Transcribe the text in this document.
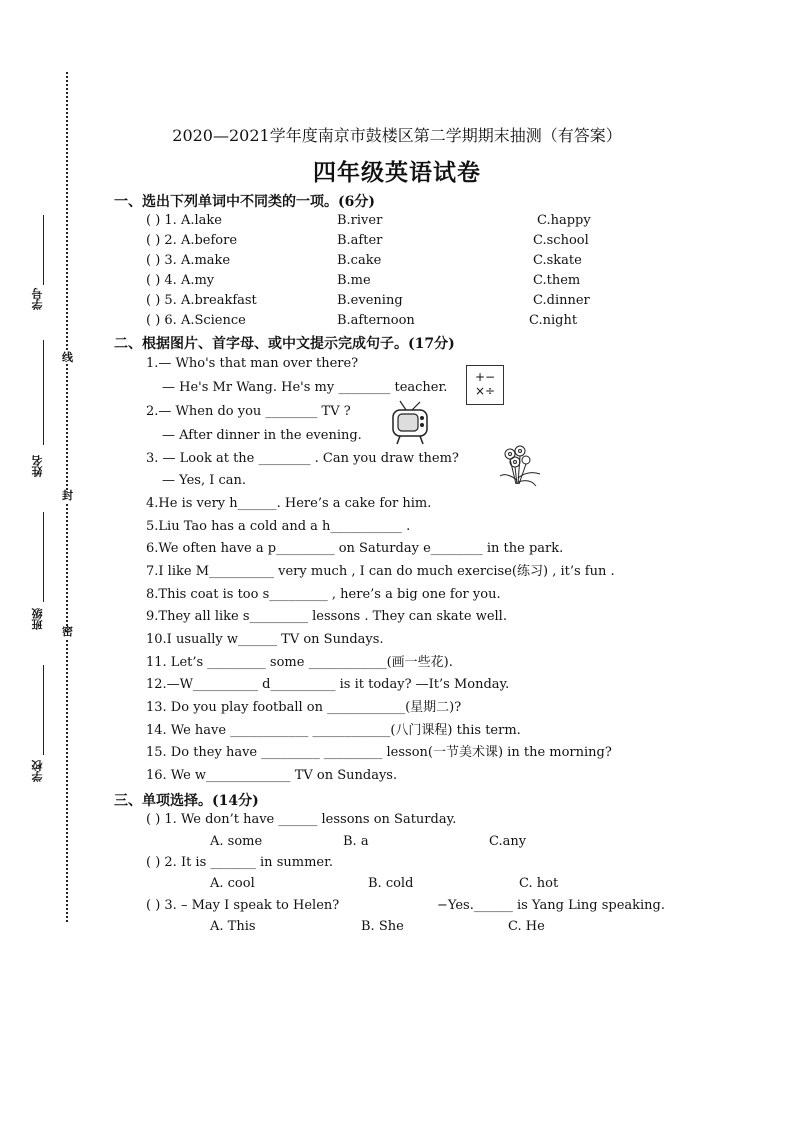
线
封
密
学号
姓名
班级
学校
2020—2021学年度南京市鼓楼区第二学期期末抽测（有答案）
四年级英语试卷
一、选出下列单词中不同类的一项。(6分)
( ) 1. A.lake	B.river	C.happy
( ) 2. A.before	B.after	C.school
( ) 3. A.make	B.cake	C.skate
( ) 4. A.my	B.me	C.them
( ) 5. A.breakfast	B.evening	C.dinner
( ) 6. A.Science	B.afternoon	C.night
二、根据图片、首字母、或中文提示完成句子。(17分)
1.— Who's that man over there?
— He's Mr Wang. He's my ________ teacher.
+−
×÷
2.— When do you ________ TV ?
— After dinner in the evening.
3. — Look at the ________ . Can you draw them?
— Yes, I can.
4.He is very h______. Here’s a cake for him.
5.Liu Tao has a cold and a h___________ .
6.We often have a p_________ on Saturday e________ in the park.
7.I like M__________ very much , I can do much exercise(练习) , it’s fun .
8.This coat is too s_________ , here’s a big one for you.
9.They all like s_________ lessons . They can skate well.
10.I usually w______ TV on Sundays.
11. Let’s _________ some ____________(画一些花).
12.—W__________ d__________ is it today? —It’s Monday.
13. Do you play football on ____________(星期二)?
14. We have ____________ ____________(八门课程) this term.
15. Do they have _________ _________ lesson(一节美术课) in the morning?
16. We w_____________ TV on Sundays.
三、单项选择。(14分)
( ) 1. We don’t have ______ lessons on Saturday.
A. some	B. a	C.any
( ) 2. It is _______ in summer.
A. cool	B. cold	C. hot
( ) 3. – May I speak to Helen?	−Yes.______ is Yang Ling speaking.
A. This	B. She	C. He
